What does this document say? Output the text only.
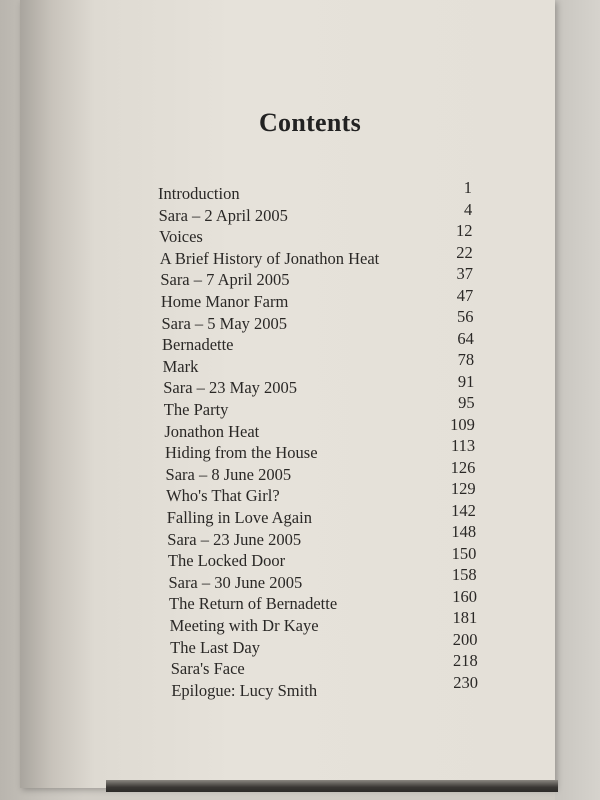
Contents
Introduction	1
Sara – 2 April 2005	4
Voices	12
A Brief History of Jonathon Heat	22
Sara – 7 April 2005	37
Home Manor Farm	47
Sara – 5 May 2005	56
Bernadette	64
Mark	78
Sara – 23 May 2005	91
The Party	95
Jonathon Heat	109
Hiding from the House	113
Sara – 8 June 2005	126
Who's That Girl?	129
Falling in Love Again	142
Sara – 23 June 2005	148
The Locked Door	150
Sara – 30 June 2005	158
The Return of Bernadette	160
Meeting with Dr Kaye	181
The Last Day	200
Sara's Face	218
Epilogue: Lucy Smith	230
